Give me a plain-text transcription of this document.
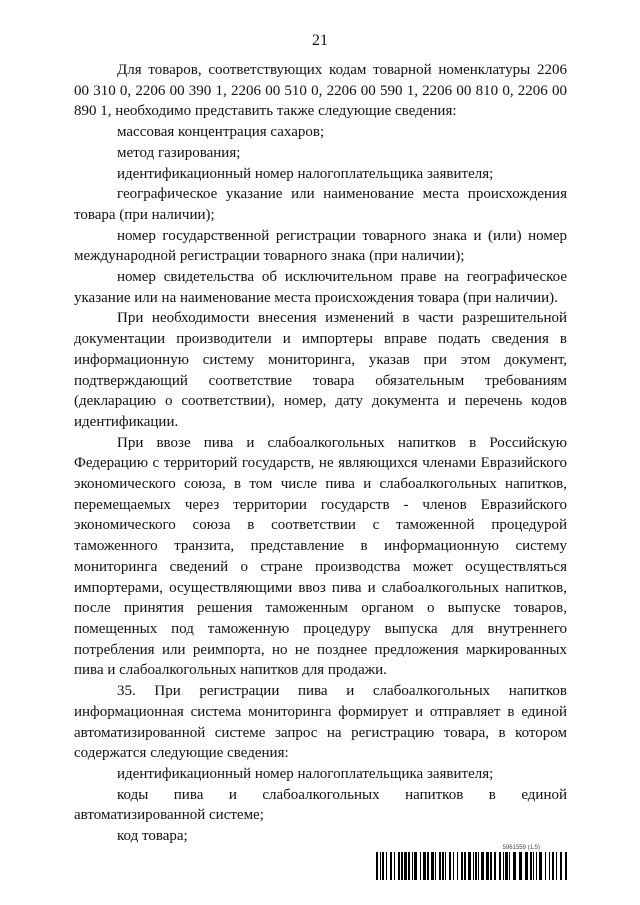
21

Для товаров, соответствующих кодам товарной номенклатуры 2206 00 310 0, 2206 00 390 1, 2206 00 510 0, 2206 00 590 1, 2206 00 810 0, 2206 00 890 1, необходимо представить также следующие сведения:

массовая концентрация сахаров;

метод газирования;

идентификационный номер налогоплательщика заявителя;

географическое указание или наименование места происхождения товара (при наличии);

номер государственной регистрации товарного знака и (или) номер международной регистрации товарного знака (при наличии);

номер свидетельства об исключительном праве на географическое указание или на наименование места происхождения товара (при наличии).

При необходимости внесения изменений в части разрешительной документации производители и импортеры вправе подать сведения в информационную систему мониторинга, указав при этом документ, подтверждающий соответствие товара обязательным требованиям (декларацию о соответствии), номер, дату документа и перечень кодов идентификации.

При ввозе пива и слабоалкогольных напитков в Российскую Федерацию с территорий государств, не являющихся членами Евразийского экономического союза, в том числе пива и слабоалкогольных напитков, перемещаемых через территории государств - членов Евразийского экономического союза в соответствии с таможенной процедурой таможенного транзита, представление в информационную систему мониторинга сведений о стране производства может осуществляться импортерами, осуществляющими ввоз пива и слабоалкогольных напитков, после принятия решения таможенным органом о выпуске товаров, помещенных под таможенную процедуру выпуска для внутреннего потребления или реимпорта, но не позднее предложения маркированных пива и слабоалкогольных напитков для продажи.

35. При регистрации пива и слабоалкогольных напитков информационная система мониторинга формирует и отправляет в единой автоматизированной системе запрос на регистрацию товара, в котором содержатся следующие сведения:

идентификационный номер налогоплательщика заявителя;

коды пива и слабоалкогольных напитков в единой автоматизированной системе;

код товара;

5961559 (1.5)
